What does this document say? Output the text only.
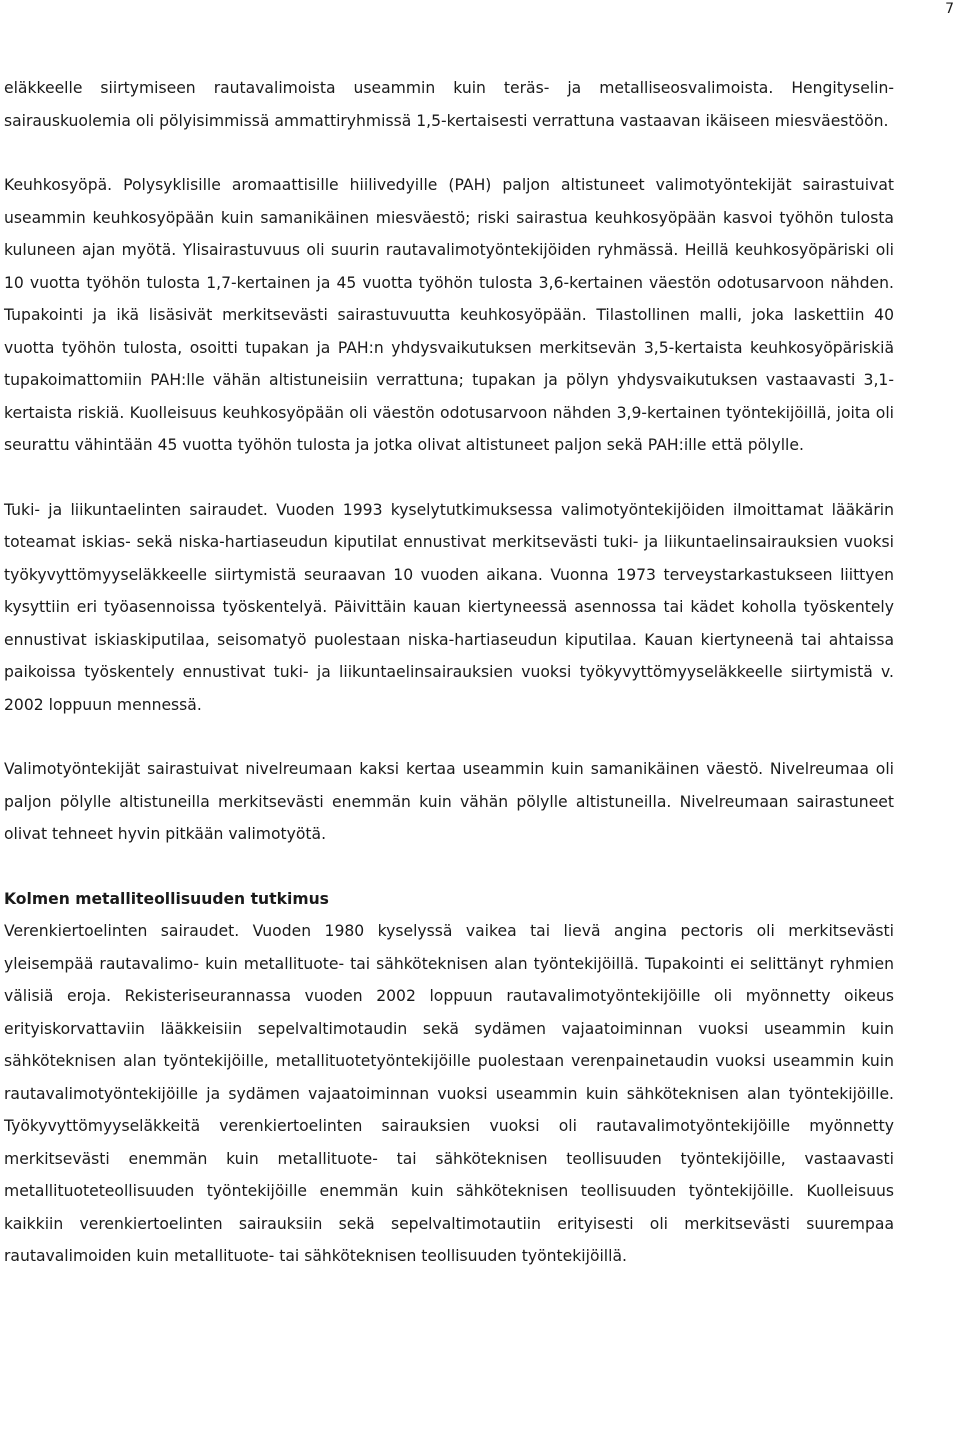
7

eläkkeelle siirtymiseen rautavalimoista useammin kuin teräs- ja metalliseosvalimoista. Hengityselin-sairauskuolemia oli pölyisimmissä ammattiryhmissä 1,5-kertaisesti verrattuna vastaavan ikäiseen miesväestöön.

Keuhkosyöpä. Polysyklisille aromaattisille hiilivedyille (PAH) paljon altistuneet valimotyöntekijät sairastuivat useammin keuhkosyöpään kuin samanikäinen miesväestö; riski sairastua keuhkosyöpään kasvoi työhön tulosta kuluneen ajan myötä. Ylisairastuvuus oli suurin rautavalimotyöntekijöiden ryhmässä. Heillä keuhkosyöpäriski oli 10 vuotta työhön tulosta 1,7-kertainen ja 45 vuotta työhön tulosta 3,6-kertainen väestön odotusarvoon nähden. Tupakointi ja ikä lisäsivät merkitsevästi sairastuvuutta keuhkosyöpään. Tilastollinen malli, joka laskettiin 40 vuotta työhön tulosta, osoitti tupakan ja PAH:n yhdysvaikutuksen merkitsevän 3,5-kertaista keuhkosyöpäriskiä tupakoimattomiin PAH:lle vähän altistuneisiin verrattuna; tupakan ja pölyn yhdysvaikutuksen vastaavasti 3,1-kertaista riskiä. Kuolleisuus keuhkosyöpään oli väestön odotusarvoon nähden 3,9-kertainen työntekijöillä, joita oli seurattu vähintään 45 vuotta työhön tulosta ja jotka olivat altistuneet paljon sekä PAH:ille että pölylle.

Tuki- ja liikuntaelinten sairaudet. Vuoden 1993 kyselytutkimuksessa valimotyöntekijöiden ilmoittamat lääkärin toteamat iskias- sekä niska-hartiaseudun kiputilat ennustivat merkitsevästi tuki- ja liikuntaelinsairauksien vuoksi työkyvyttömyyseläkkeelle siirtymistä seuraavan 10 vuoden aikana. Vuonna 1973 terveystarkastukseen liittyen kysyttiin eri työasennoissa työskentelyä. Päivittäin kauan kiertyneessä asennossa tai kädet koholla työskentely ennustivat iskiaskiputilaa, seisomatyö puolestaan niska-hartiaseudun kiputilaa. Kauan kiertyneenä tai ahtaissa paikoissa työskentely ennustivat tuki- ja liikuntaelinsairauksien vuoksi työkyvyttömyyseläkkeelle siirtymistä v. 2002 loppuun mennessä.

Valimotyöntekijät sairastuivat nivelreumaan kaksi kertaa useammin kuin samanikäinen väestö. Nivelreumaa oli paljon pölylle altistuneilla merkitsevästi enemmän kuin vähän pölylle altistuneilla. Nivelreumaan sairastuneet olivat tehneet hyvin pitkään valimotyötä.

Kolmen metalliteollisuuden tutkimus

Verenkiertoelinten sairaudet. Vuoden 1980 kyselyssä vaikea tai lievä angina pectoris oli merkitsevästi yleisempää rautavalimo- kuin metallituote- tai sähköteknisen alan työntekijöillä. Tupakointi ei selittänyt ryhmien välisiä eroja. Rekisteriseurannassa vuoden 2002 loppuun rautavalimotyöntekijöille oli myönnetty oikeus erityiskorvattaviin lääkkeisiin sepelvaltimotaudin sekä sydämen vajaatoiminnan vuoksi useammin kuin sähköteknisen alan työntekijöille, metallituotetyöntekijöille puolestaan verenpainetaudin vuoksi useammin kuin rautavalimotyöntekijöille ja sydämen vajaatoiminnan vuoksi useammin kuin sähköteknisen alan työntekijöille. Työkyvyttömyyseläkkeitä verenkiertoelinten sairauksien vuoksi oli rautavalimotyöntekijöille myönnetty merkitsevästi enemmän kuin metallituote- tai sähköteknisen teollisuuden työntekijöille, vastaavasti metallituoteteollisuuden työntekijöille enemmän kuin sähköteknisen teollisuuden työntekijöille. Kuolleisuus kaikkiin verenkiertoelinten sairauksiin sekä sepelvaltimotautiin erityisesti oli merkitsevästi suurempaa rautavalimoiden kuin metallituote- tai sähköteknisen teollisuuden työntekijöillä.
